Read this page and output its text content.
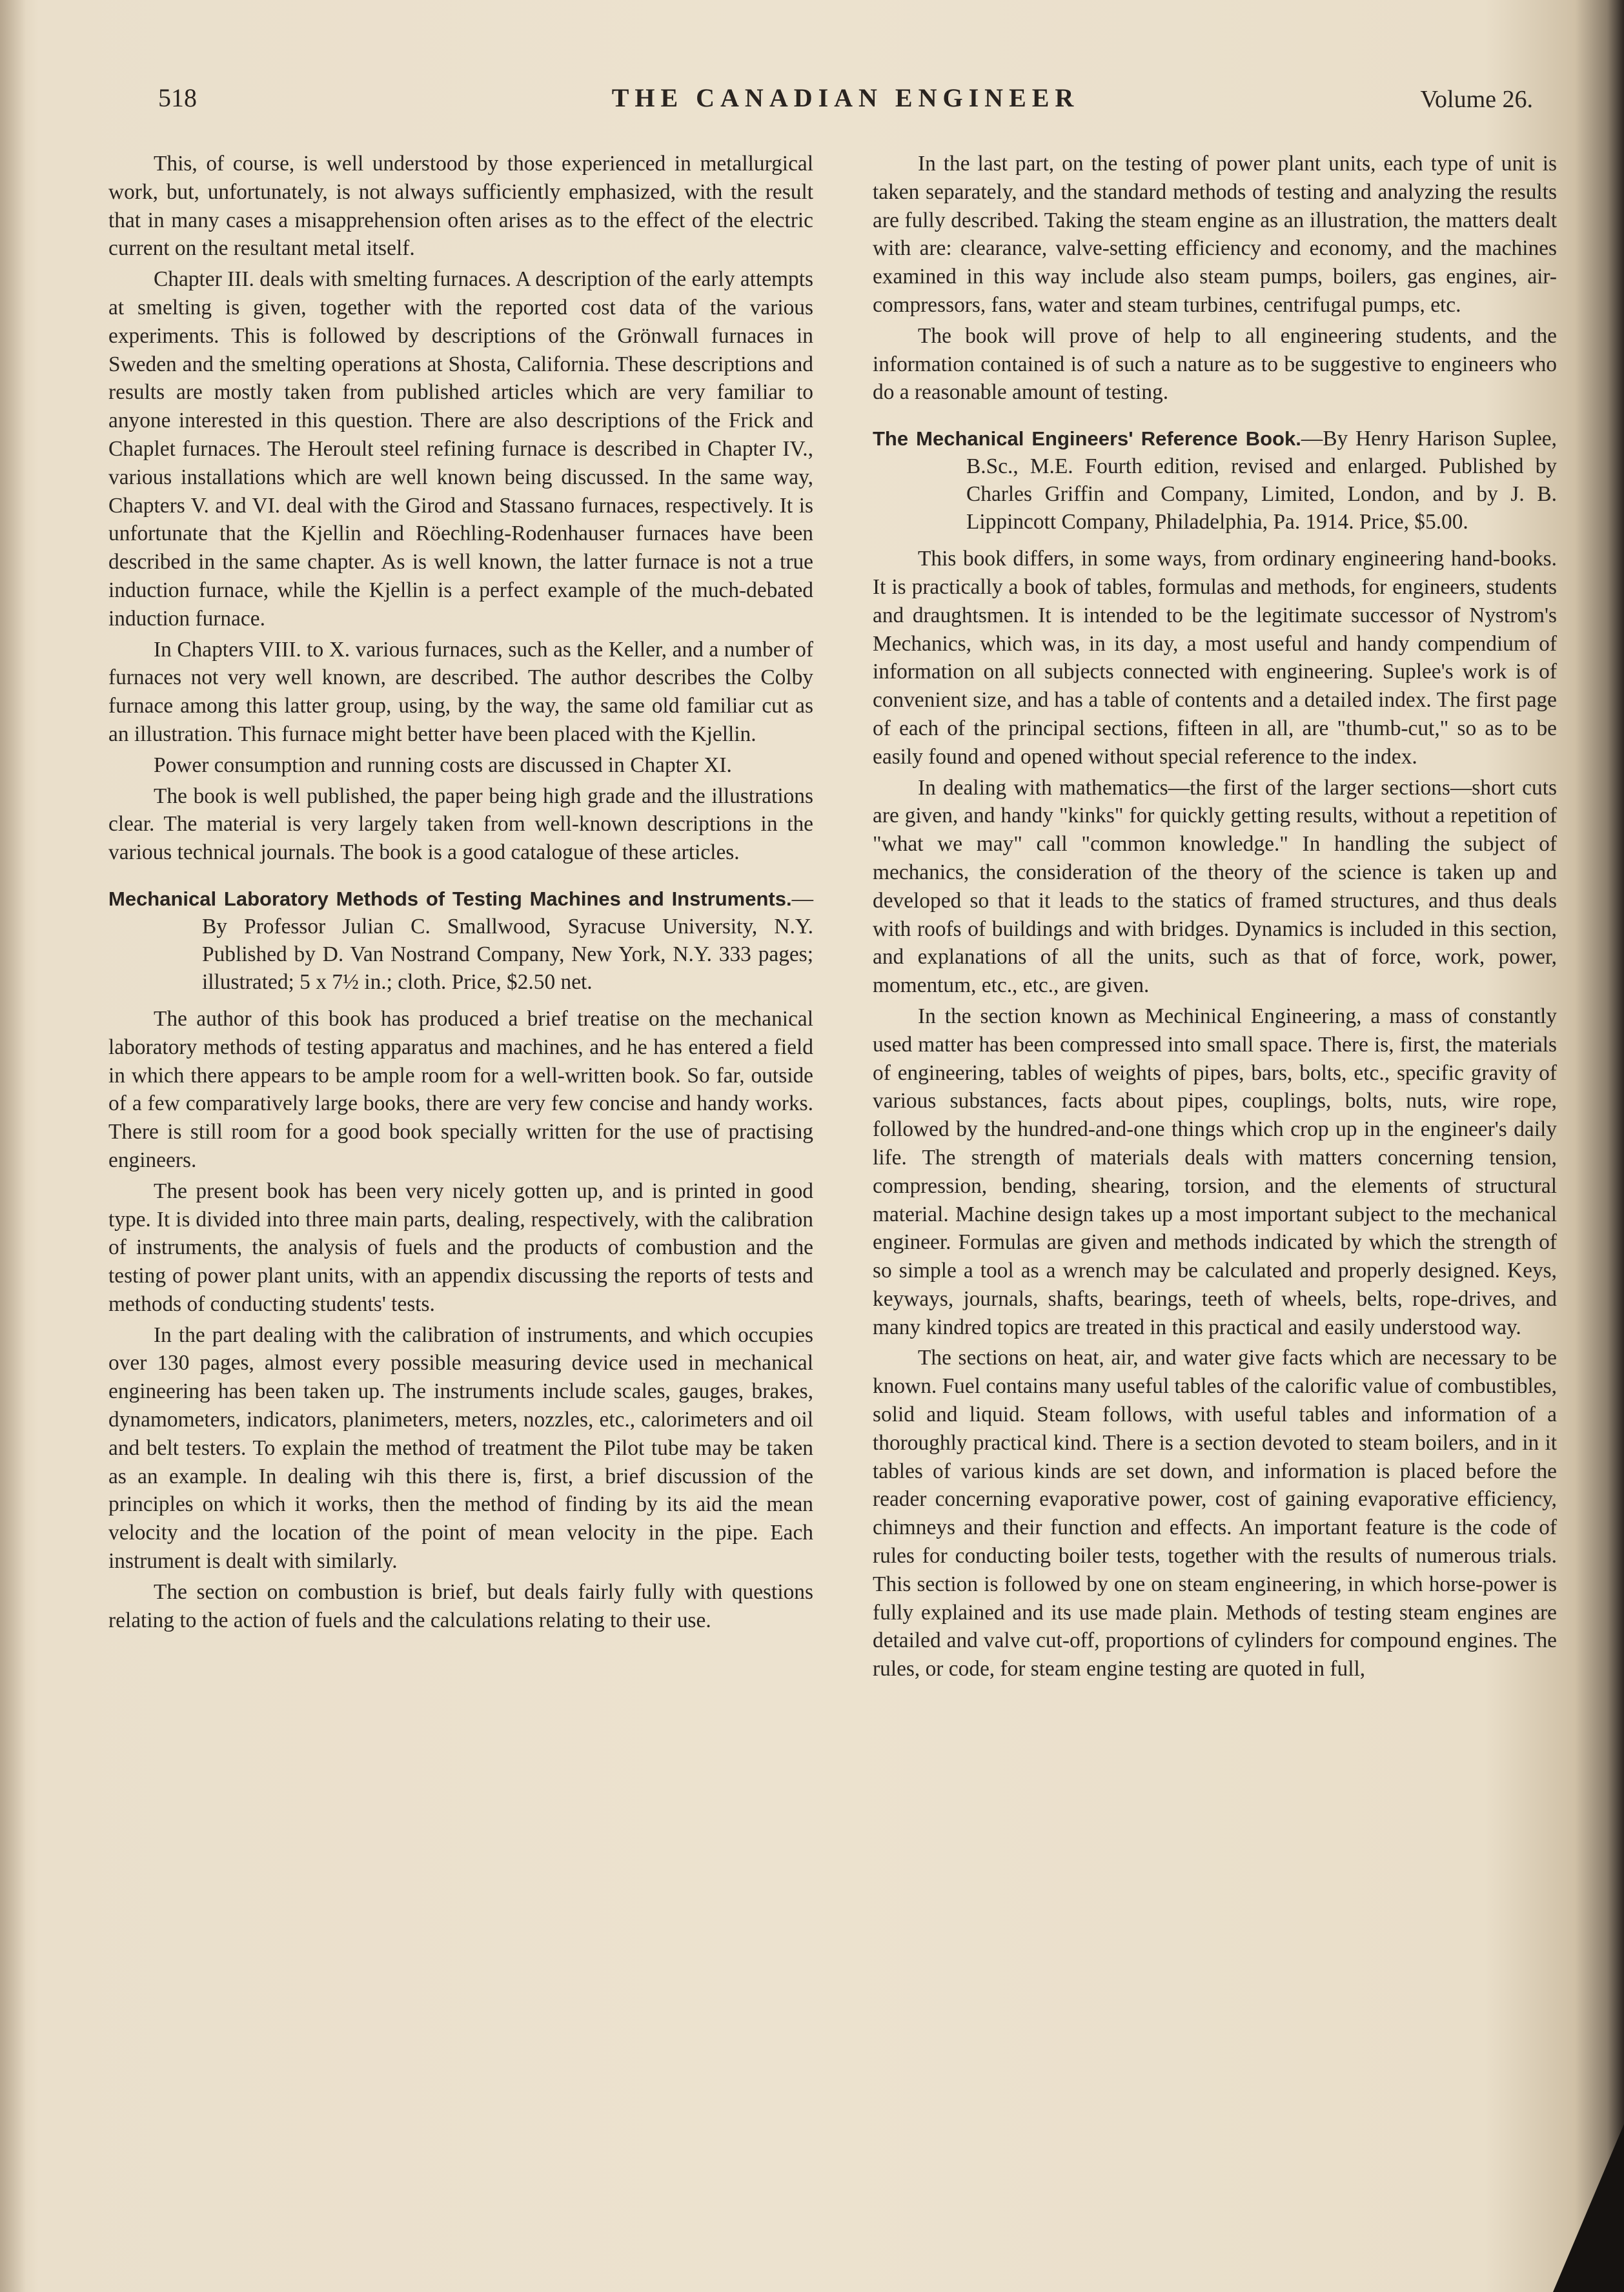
518	THE CANADIAN ENGINEER	Volume 26.

This, of course, is well understood by those experienced in metallurgical work, but, unfortunately, is not always sufficiently emphasized, with the result that in many cases a misapprehension often arises as to the effect of the electric current on the resultant metal itself.

Chapter III. deals with smelting furnaces. A description of the early attempts at smelting is given, together with the reported cost data of the various experiments. This is followed by descriptions of the Grönwall furnaces in Sweden and the smelting operations at Shosta, California. These descriptions and results are mostly taken from published articles which are very familiar to anyone interested in this question. There are also descriptions of the Frick and Chaplet furnaces. The Heroult steel refining furnace is described in Chapter IV., various installations which are well known being discussed. In the same way, Chapters V. and VI. deal with the Girod and Stassano furnaces, respectively. It is unfortunate that the Kjellin and Röechling-Rodenhauser furnaces have been described in the same chapter. As is well known, the latter furnace is not a true induction furnace, while the Kjellin is a perfect example of the much-debated induction furnace.

In Chapters VIII. to X. various furnaces, such as the Keller, and a number of furnaces not very well known, are described. The author describes the Colby furnace among this latter group, using, by the way, the same old familiar cut as an illustration. This furnace might better have been placed with the Kjellin.

Power consumption and running costs are discussed in Chapter XI.

The book is well published, the paper being high grade and the illustrations clear. The material is very largely taken from well-known descriptions in the various technical journals. The book is a good catalogue of these articles.

Mechanical Laboratory Methods of Testing Machines and Instruments.—By Professor Julian C. Smallwood, Syracuse University, N.Y. Published by D. Van Nostrand Company, New York, N.Y. 333 pages; illustrated; 5 x 7½ in.; cloth. Price, $2.50 net.

The author of this book has produced a brief treatise on the mechanical laboratory methods of testing apparatus and machines, and he has entered a field in which there appears to be ample room for a well-written book. So far, outside of a few comparatively large books, there are very few concise and handy works. There is still room for a good book specially written for the use of practising engineers.

The present book has been very nicely gotten up, and is printed in good type. It is divided into three main parts, dealing, respectively, with the calibration of instruments, the analysis of fuels and the products of combustion and the testing of power plant units, with an appendix discussing the reports of tests and methods of conducting students' tests.

In the part dealing with the calibration of instruments, and which occupies over 130 pages, almost every possible measuring device used in mechanical engineering has been taken up. The instruments include scales, gauges, brakes, dynamometers, indicators, planimeters, meters, nozzles, etc., calorimeters and oil and belt testers. To explain the method of treatment the Pilot tube may be taken as an example. In dealing wih this there is, first, a brief discussion of the principles on which it works, then the method of finding by its aid the mean velocity and the location of the point of mean velocity in the pipe. Each instrument is dealt with similarly.

The section on combustion is brief, but deals fairly fully with questions relating to the action of fuels and the calculations relating to their use.

In the last part, on the testing of power plant units, each type of unit is taken separately, and the standard methods of testing and analyzing the results are fully described. Taking the steam engine as an illustration, the matters dealt with are: clearance, valve-setting efficiency and economy, and the machines examined in this way include also steam pumps, boilers, gas engines, air-compressors, fans, water and steam turbines, centrifugal pumps, etc.

The book will prove of help to all engineering students, and the information contained is of such a nature as to be suggestive to engineers who do a reasonable amount of testing.

The Mechanical Engineers' Reference Book.—By Henry Harison Suplee, B.Sc., M.E. Fourth edition, revised and enlarged. Published by Charles Griffin and Company, Limited, London, and by J. B. Lippincott Company, Philadelphia, Pa. 1914. Price, $5.00.

This book differs, in some ways, from ordinary engineering hand-books. It is practically a book of tables, formulas and methods, for engineers, students and draughtsmen. It is intended to be the legitimate successor of Nystrom's Mechanics, which was, in its day, a most useful and handy compendium of information on all subjects connected with engineering. Suplee's work is of convenient size, and has a table of contents and a detailed index. The first page of each of the principal sections, fifteen in all, are "thumb-cut," so as to be easily found and opened without special reference to the index.

In dealing with mathematics—the first of the larger sections—short cuts are given, and handy "kinks" for quickly getting results, without a repetition of "what we may" call "common knowledge." In handling the subject of mechanics, the consideration of the theory of the science is taken up and developed so that it leads to the statics of framed structures, and thus deals with roofs of buildings and with bridges. Dynamics is included in this section, and explanations of all the units, such as that of force, work, power, momentum, etc., etc., are given.

In the section known as Mechinical Engineering, a mass of constantly used matter has been compressed into small space. There is, first, the materials of engineering, tables of weights of pipes, bars, bolts, etc., specific gravity of various substances, facts about pipes, couplings, bolts, nuts, wire rope, followed by the hundred-and-one things which crop up in the engineer's daily life. The strength of materials deals with matters concerning tension, compression, bending, shearing, torsion, and the elements of structural material. Machine design takes up a most important subject to the mechanical engineer. Formulas are given and methods indicated by which the strength of so simple a tool as a wrench may be calculated and properly designed. Keys, keyways, journals, shafts, bearings, teeth of wheels, belts, rope-drives, and many kindred topics are treated in this practical and easily understood way.

The sections on heat, air, and water give facts which are necessary to be known. Fuel contains many useful tables of the calorific value of combustibles, solid and liquid. Steam follows, with useful tables and information of a thoroughly practical kind. There is a section devoted to steam boilers, and in it tables of various kinds are set down, and information is placed before the reader concerning evaporative power, cost of gaining evaporative efficiency, chimneys and their function and effects. An important feature is the code of rules for conducting boiler tests, together with the results of numerous trials. This section is followed by one on steam engineering, in which horse-power is fully explained and its use made plain. Methods of testing steam engines are detailed and valve cut-off, proportions of cylinders for compound engines. The rules, or code, for steam engine testing are quoted in full,
